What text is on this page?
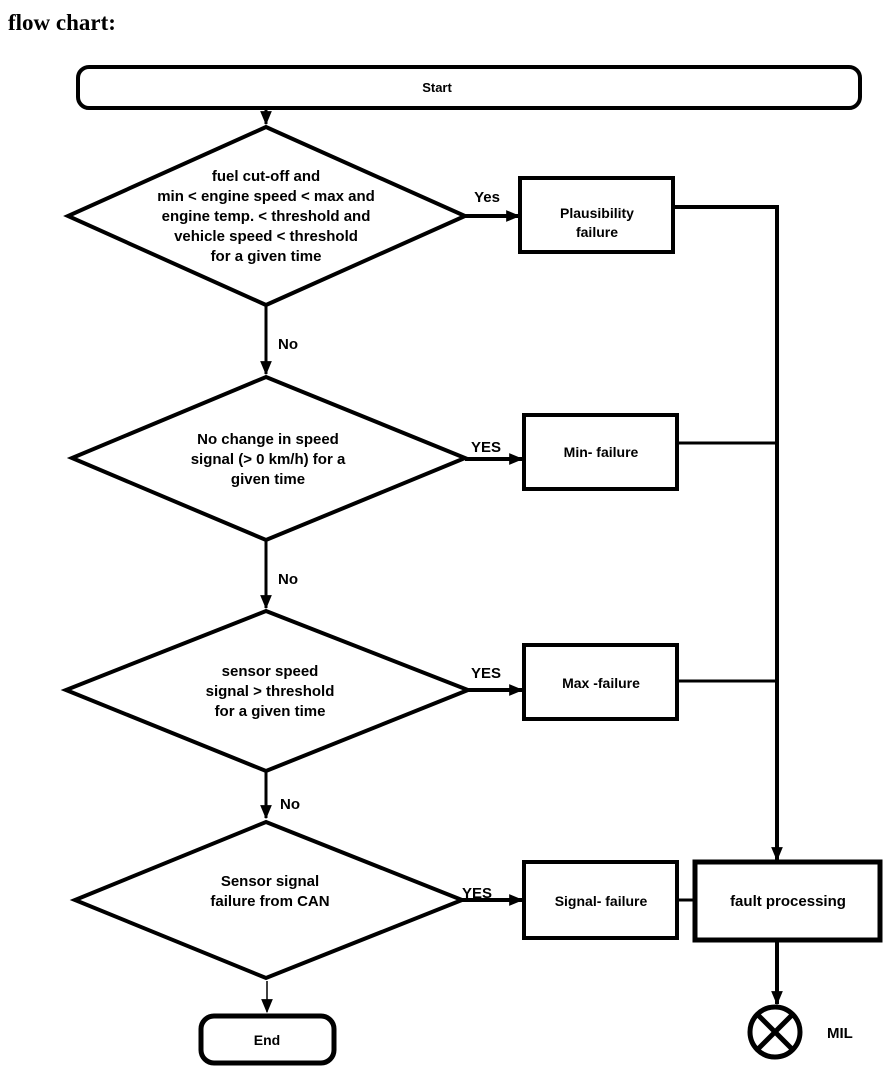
flow chart:
Start
fuel cut-off and
min < engine speed < max and
engine temp. < threshold and
vehicle speed < threshold
for a given time
Yes
Plausibility
failure
No
No change in speed
signal (> 0 km/h) for a
given time
YES	Min- failure
No
sensor speed
signal > threshold
for a given time
YES
Max -failure
No
Sensor signal
failure from CAN	YES	Signal- failure	fault processing
MIL
End
